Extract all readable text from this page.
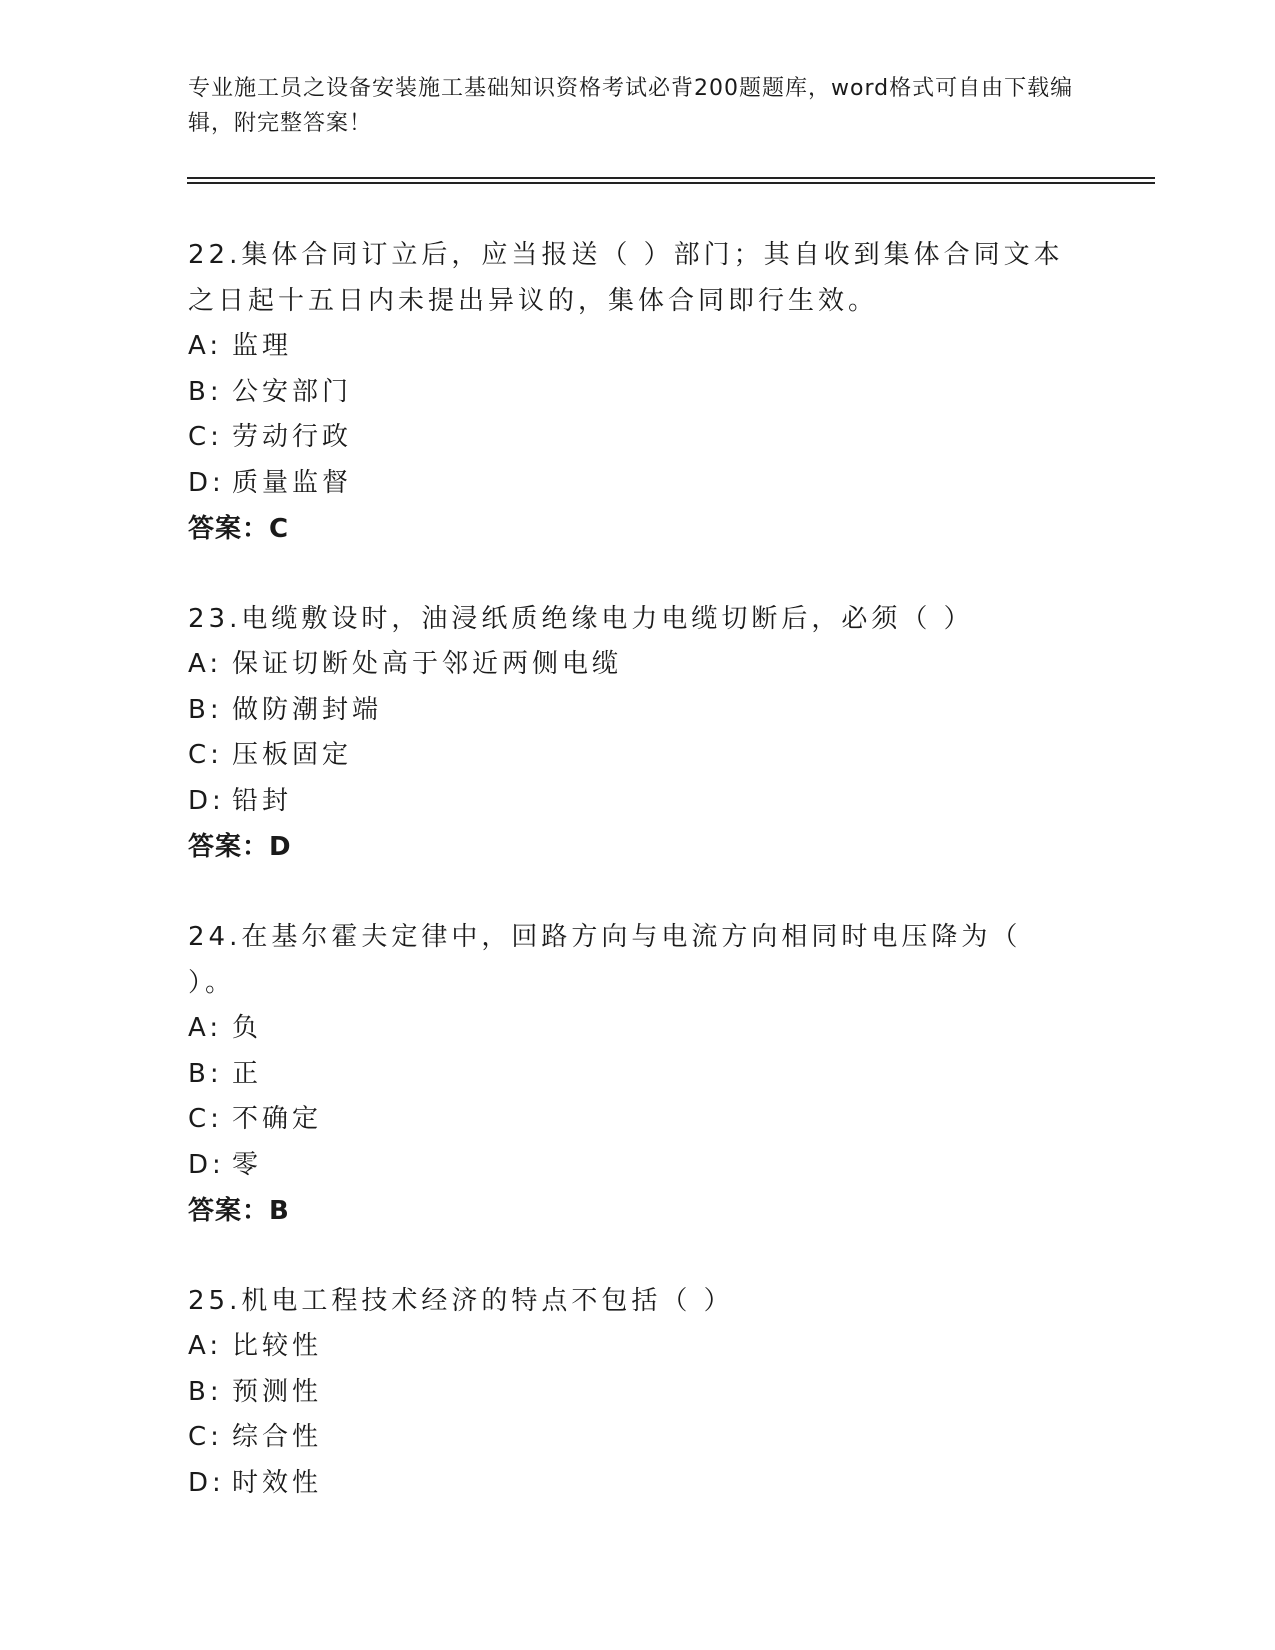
专业施工员之设备安装施工基础知识资格考试必背200题题库，word格式可自由下载编辑，附完整答案！
22.集体合同订立后，应当报送（ ）部门；其自收到集体合同文本之日起十五日内未提出异议的，集体合同即行生效。
A: 监理
B: 公安部门
C: 劳动行政
D: 质量监督
答案：C
23.电缆敷设时，油浸纸质绝缘电力电缆切断后，必须（ ）
A: 保证切断处高于邻近两侧电缆
B: 做防潮封端
C: 压板固定
D: 铅封
答案：D
24.在基尔霍夫定律中，回路方向与电流方向相同时电压降为（ ）。
A: 负
B: 正
C: 不确定
D: 零
答案：B
25.机电工程技术经济的特点不包括（ ）
A: 比较性
B: 预测性
C: 综合性
D: 时效性
